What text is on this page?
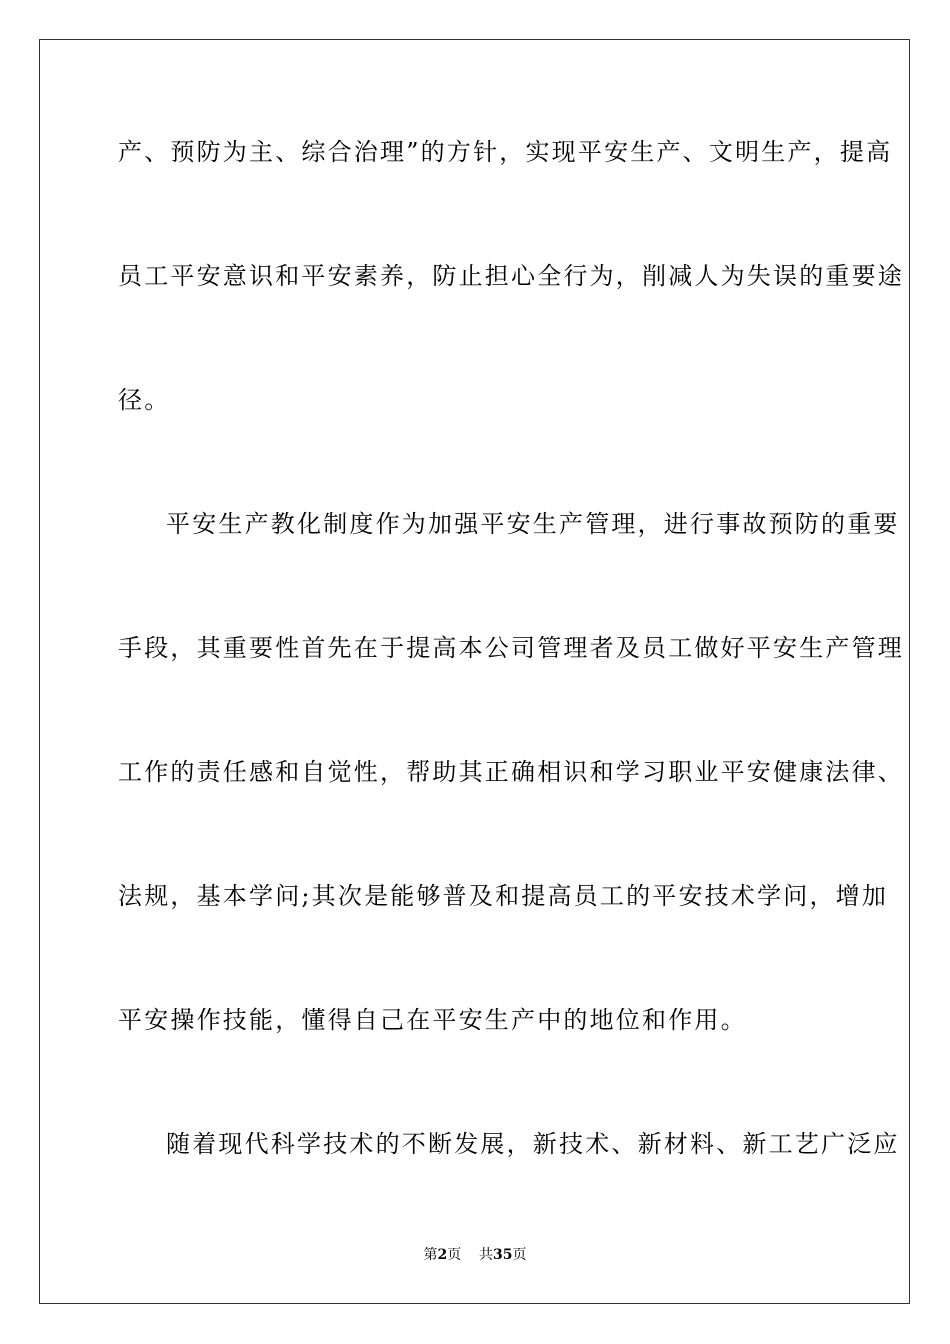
产、预防为主、综合治理”的方针，实现平安生产、文明生产，提高
员工平安意识和平安素养，防止担心全行为，削减人为失误的重要途
径。
平安生产教化制度作为加强平安生产管理，进行事故预防的重要
手段，其重要性首先在于提高本公司管理者及员工做好平安生产管理
工作的责任感和自觉性，帮助其正确相识和学习职业平安健康法律、
法规，基本学问;其次是能够普及和提高员工的平安技术学问，增加
平安操作技能，懂得自己在平安生产中的地位和作用。
随着现代科学技术的不断发展，新技术、新材料、新工艺广泛应
第2页 共35页
